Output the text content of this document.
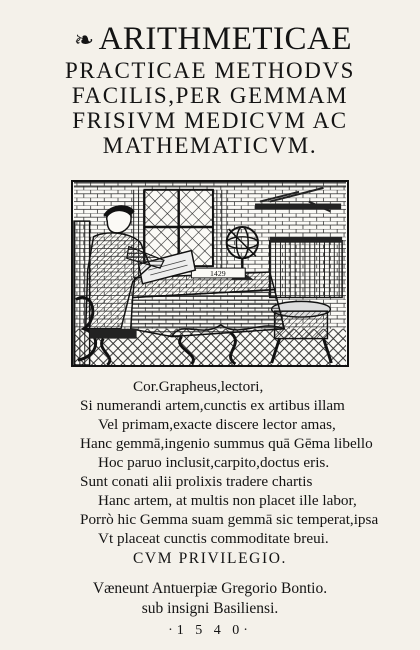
❧ ARITHMETICAE
PRACTICAE METHODVS
FACILIS,PER GEMMAM
FRISIVM MEDICVM AC
MATHEMATICVM.
1429
Cor.Grapheus,lectori,
Si numerandi artem,cunctis ex artibus illam
Vel primam,exacte discere lector amas,
Hanc gemmā,ingenio summus quā Gēma libello
Hoc paruo inclusit,carpito,doctus eris.
Sunt conati alii prolixis tradere chartis
Hanc artem, at multis non placet ille labor,
Porrò hic Gemma suam gemmā sic temperat,ipsa
Vt placeat cunctis commoditate breui.
CVM PRIVILEGIO.
Væneunt Antuerpiæ Gregorio Bontio.
sub insigni Basiliensi.
·1 5 4 0·
